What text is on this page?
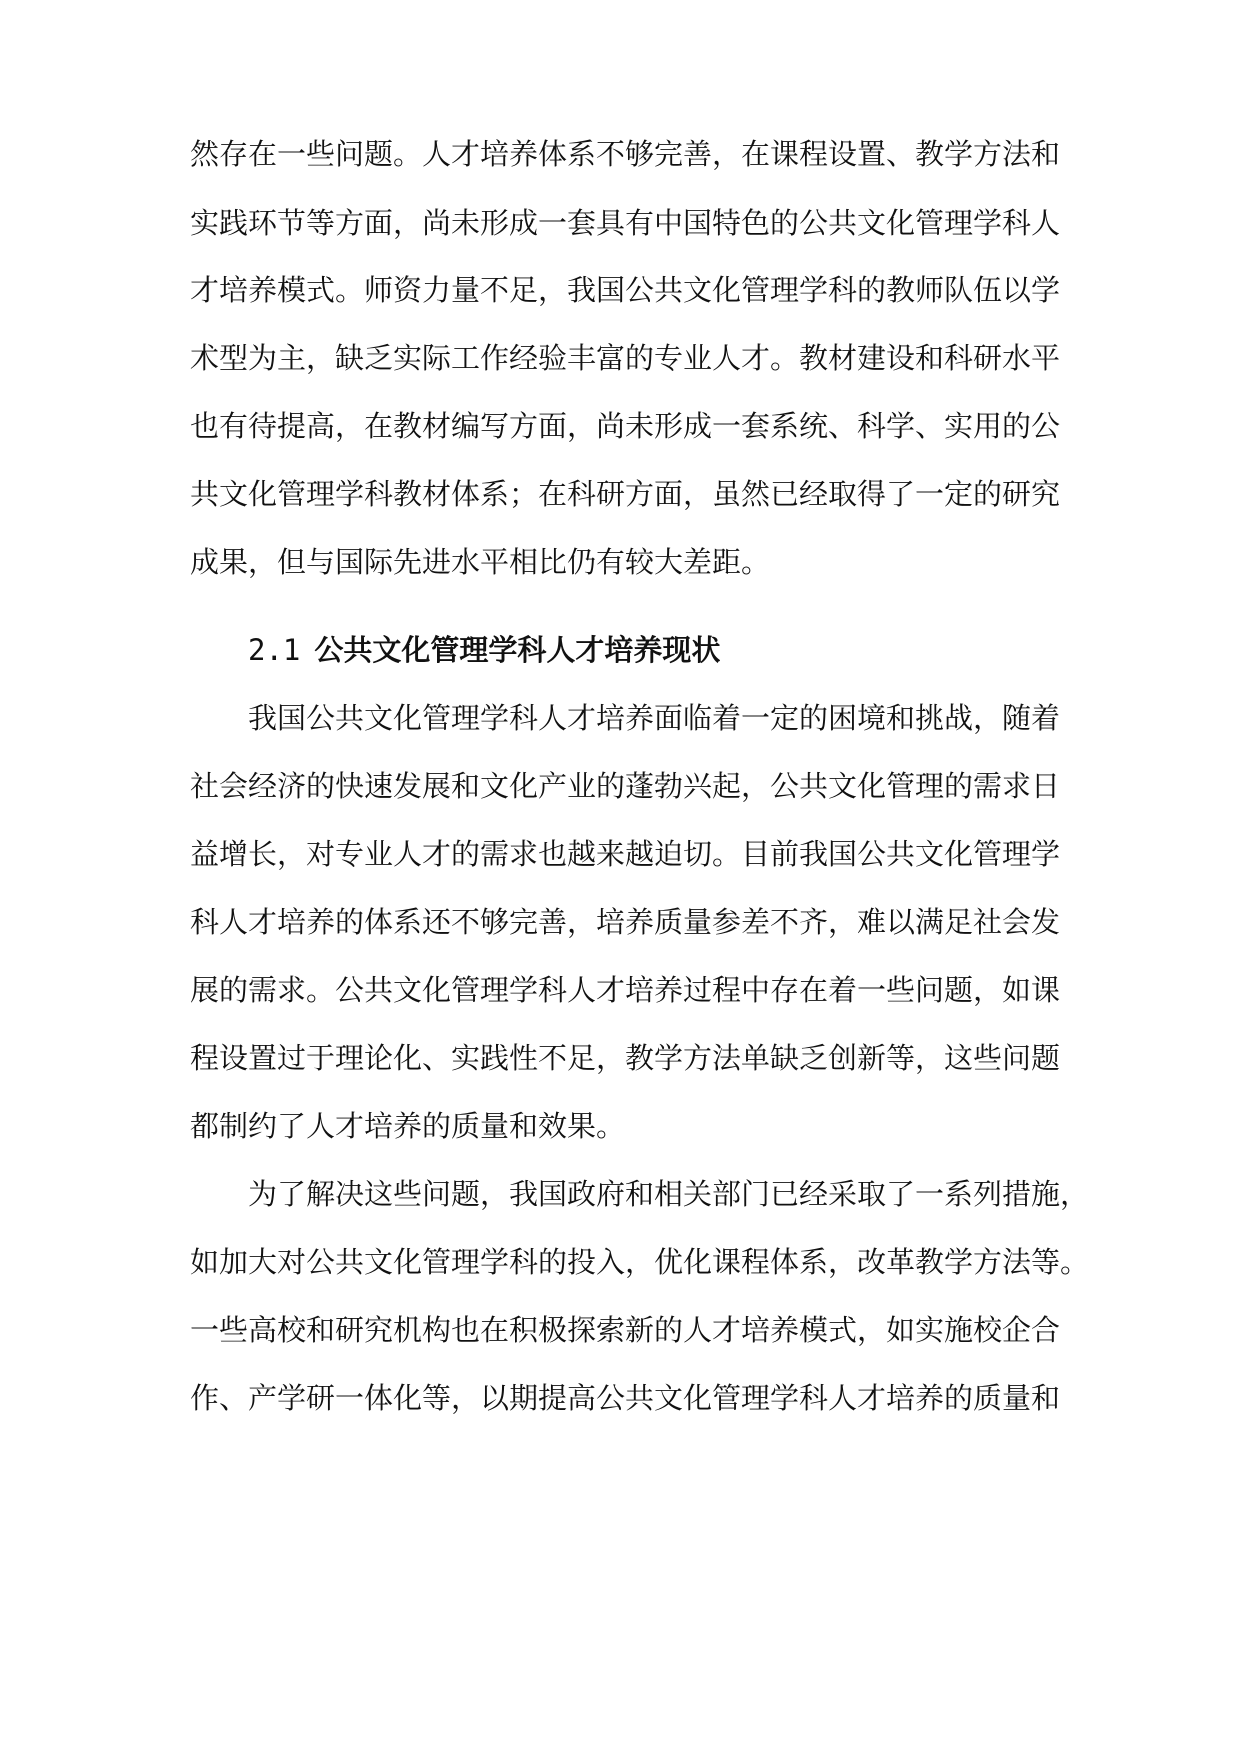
然存在一些问题。人才培养体系不够完善，在课程设置、教学方法和
实践环节等方面，尚未形成一套具有中国特色的公共文化管理学科人
才培养模式。师资力量不足，我国公共文化管理学科的教师队伍以学
术型为主，缺乏实际工作经验丰富的专业人才。教材建设和科研水平
也有待提高，在教材编写方面，尚未形成一套系统、科学、实用的公
共文化管理学科教材体系；在科研方面，虽然已经取得了一定的研究
成果，但与国际先进水平相比仍有较大差距。
2.1 公共文化管理学科人才培养现状
我国公共文化管理学科人才培养面临着一定的困境和挑战，随着
社会经济的快速发展和文化产业的蓬勃兴起，公共文化管理的需求日
益增长，对专业人才的需求也越来越迫切。目前我国公共文化管理学
科人才培养的体系还不够完善，培养质量参差不齐，难以满足社会发
展的需求。公共文化管理学科人才培养过程中存在着一些问题，如课
程设置过于理论化、实践性不足，教学方法单缺乏创新等，这些问题
都制约了人才培养的质量和效果。
为了解决这些问题，我国政府和相关部门已经采取了一系列措施，
如加大对公共文化管理学科的投入，优化课程体系，改革教学方法等。
一些高校和研究机构也在积极探索新的人才培养模式，如实施校企合
作、产学研一体化等，以期提高公共文化管理学科人才培养的质量和
